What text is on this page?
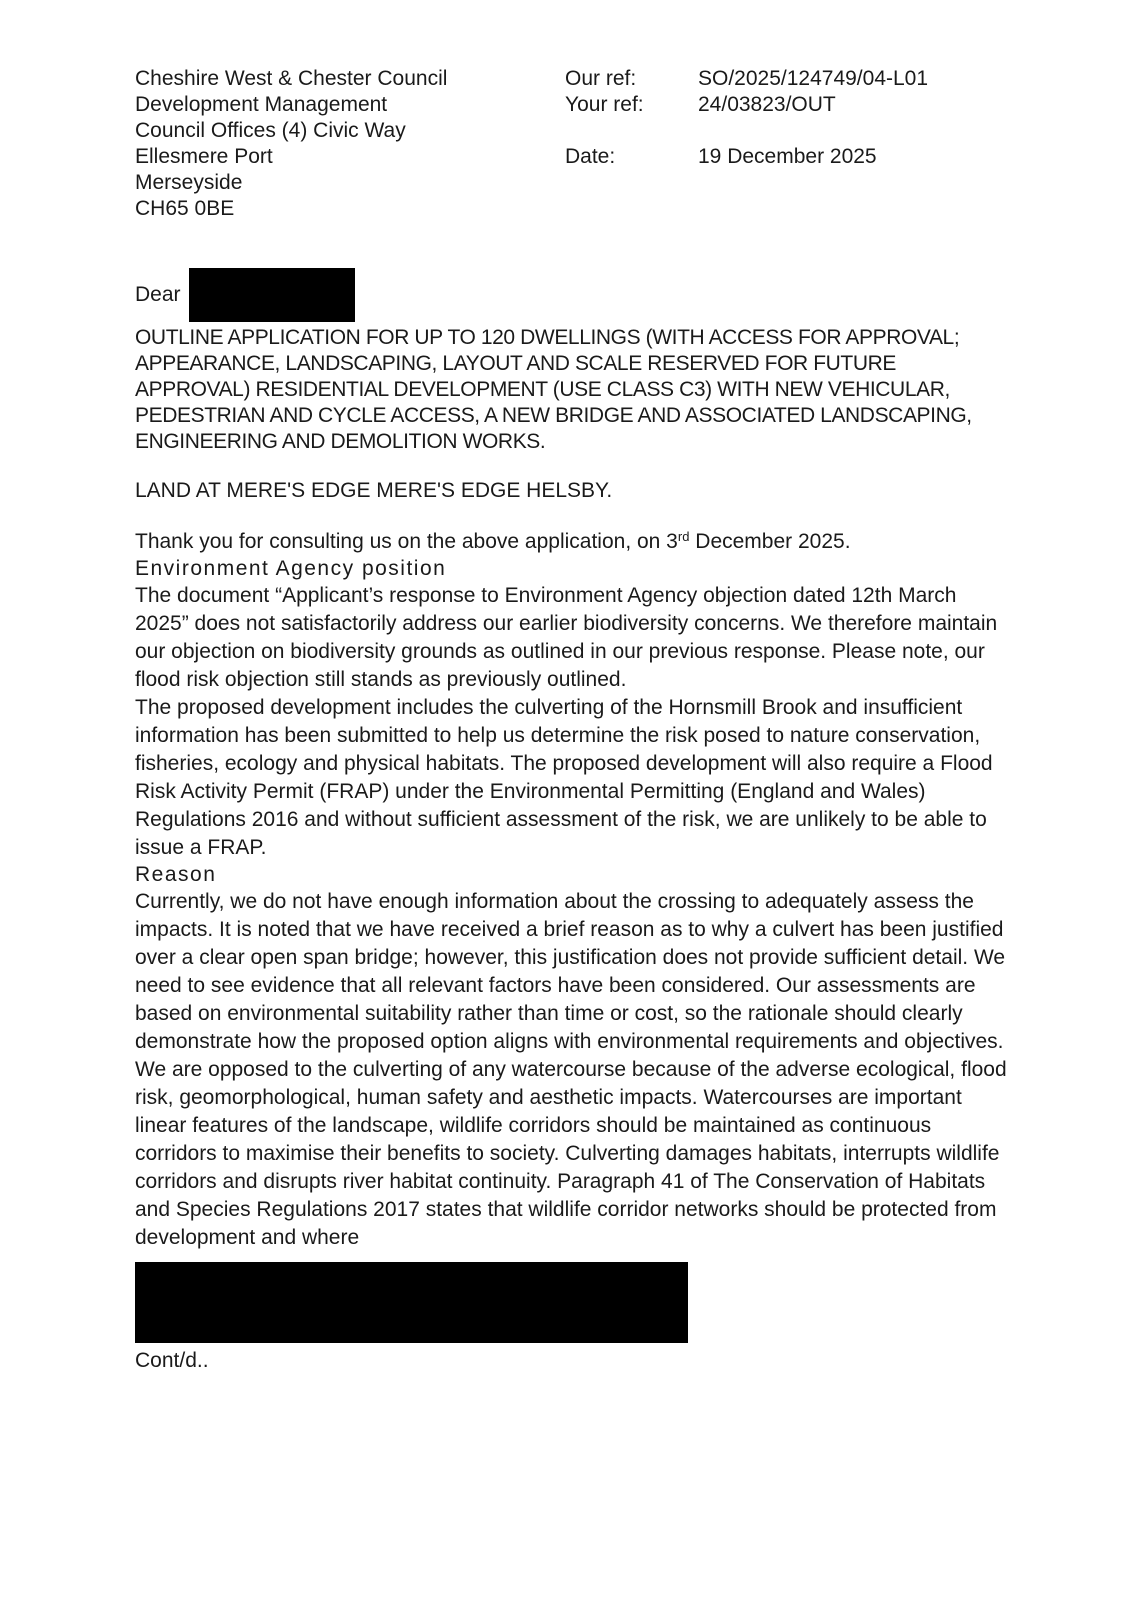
Cheshire West & Chester Council
Development Management
Council Offices (4) Civic Way
Ellesmere Port
Merseyside
CH65 0BE
Our ref:	SO/2025/124749/04-L01
Your ref:	24/03823/OUT
Date:	19 December 2025
Dear

OUTLINE APPLICATION FOR UP TO 120 DWELLINGS (WITH ACCESS FOR APPROVAL; APPEARANCE, LANDSCAPING, LAYOUT AND SCALE RESERVED FOR FUTURE APPROVAL) RESIDENTIAL DEVELOPMENT (USE CLASS C3) WITH NEW VEHICULAR, PEDESTRIAN AND CYCLE ACCESS, A NEW BRIDGE AND ASSOCIATED LANDSCAPING, ENGINEERING AND DEMOLITION WORKS.

LAND AT MERE'S EDGE MERE'S EDGE HELSBY.

Thank you for consulting us on the above application, on 3rd December 2025.

Environment Agency position

The document “Applicant’s response to Environment Agency objection dated 12th March 2025” does not satisfactorily address our earlier biodiversity concerns. We therefore maintain our objection on biodiversity grounds as outlined in our previous response. Please note, our flood risk objection still stands as previously outlined.

The proposed development includes the culverting of the Hornsmill Brook and insufficient information has been submitted to help us determine the risk posed to nature conservation, fisheries, ecology and physical habitats. The proposed development will also require a Flood Risk Activity Permit (FRAP) under the Environmental Permitting (England and Wales) Regulations 2016 and without sufficient assessment of the risk, we are unlikely to be able to issue a FRAP.

Reason

Currently, we do not have enough information about the crossing to adequately assess the impacts. It is noted that we have received a brief reason as to why a culvert has been justified over a clear open span bridge; however, this justification does not provide sufficient detail. We need to see evidence that all relevant factors have been considered. Our assessments are based on environmental suitability rather than time or cost, so the rationale should clearly demonstrate how the proposed option aligns with environmental requirements and objectives.

We are opposed to the culverting of any watercourse because of the adverse ecological, flood risk, geomorphological, human safety and aesthetic impacts. Watercourses are important linear features of the landscape, wildlife corridors should be maintained as continuous corridors to maximise their benefits to society. Culverting damages habitats, interrupts wildlife corridors and disrupts river habitat continuity. Paragraph 41 of The Conservation of Habitats and Species Regulations 2017 states that wildlife corridor networks should be protected from development and where

Cont/d..
